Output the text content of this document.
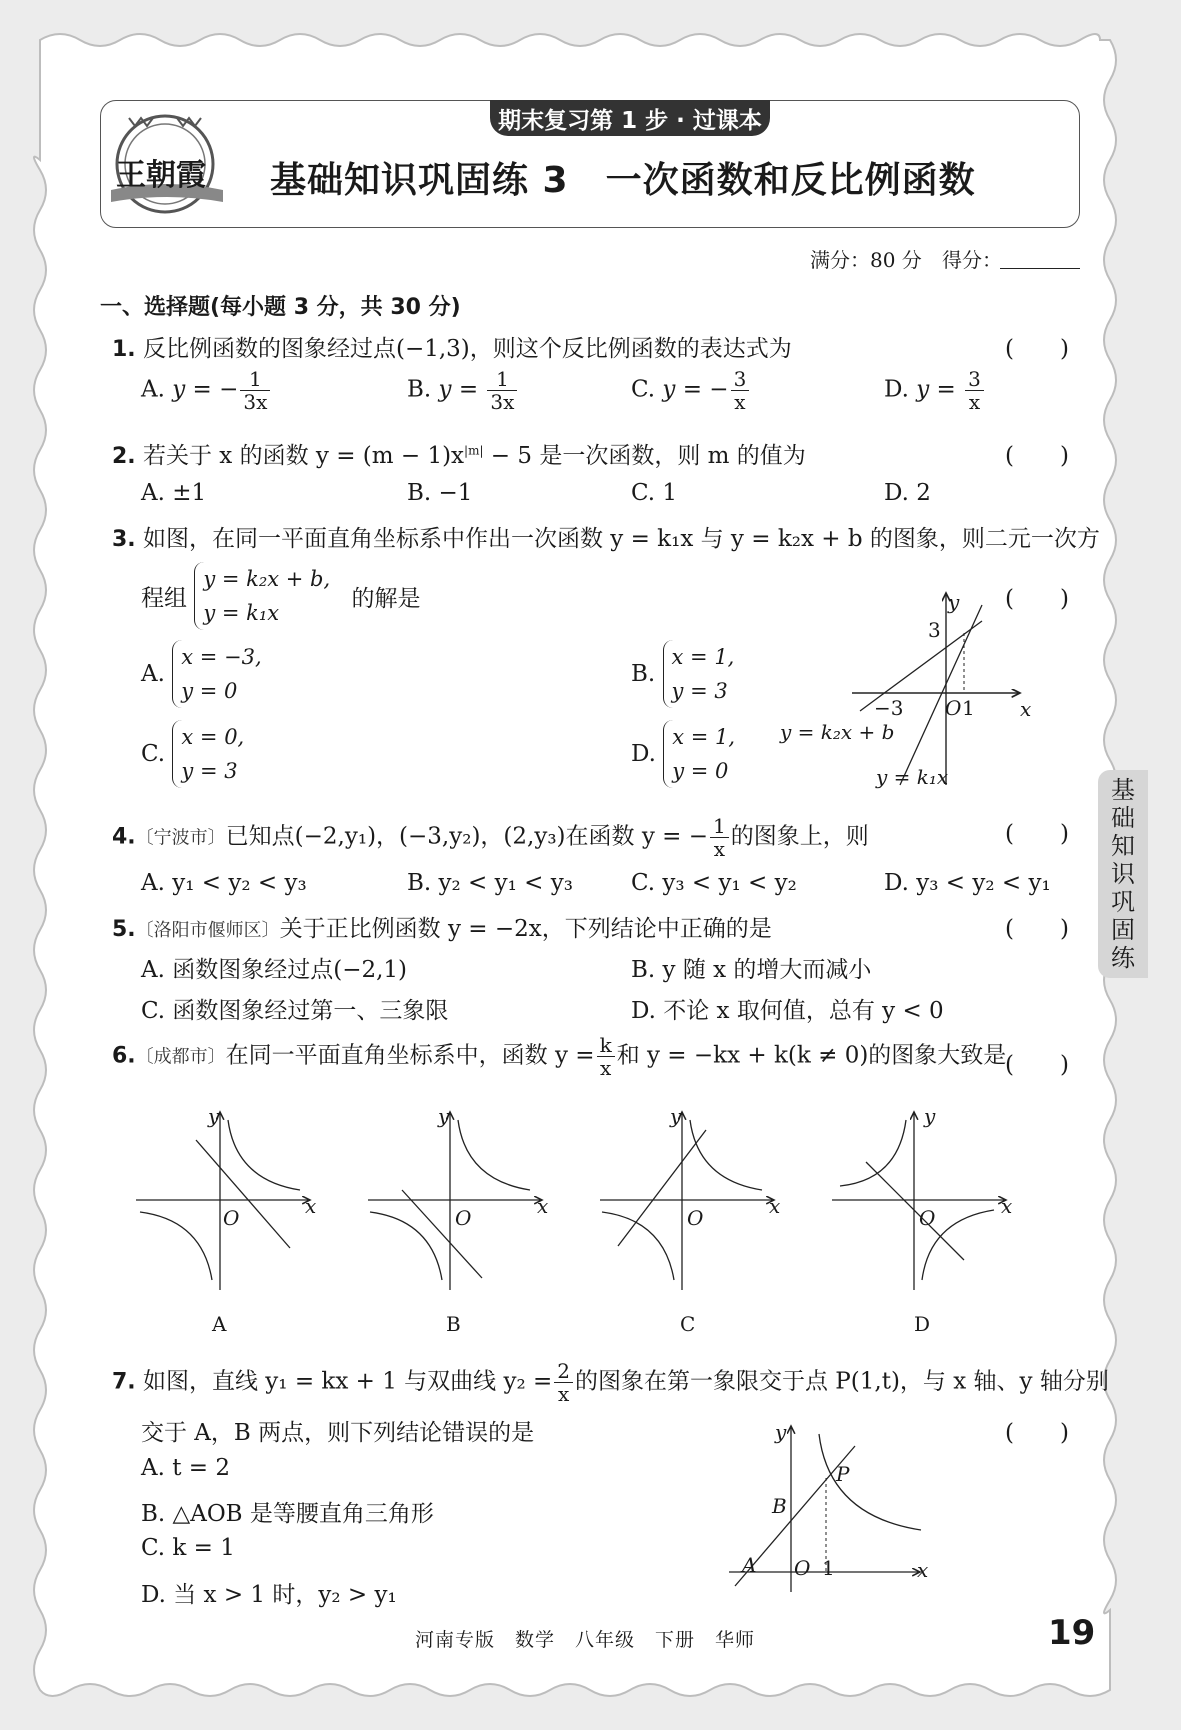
王朝霞
期末复习第 1 步 · 过课本
基础知识巩固练 3　一次函数和反比例函数
满分：80 分 得分：
一、选择题(每小题 3 分，共 30 分)
1. 反比例函数的图象经过点(−1,3)，则这个反比例函数的表达式为	(　　)
A. y = − $\frac{1}{3x}$	B. $y = \frac{1}{3x}$	C. y = − $\frac{3}{x}$	D. $y = \frac{3}{x}$
2. 若关于 x 的函数 $y = (m - 1)x^{|m|} - 5$ 是一次函数，则 m 的值为	(　　)
A. ±1	B. −1	C. 1	D. 2
3. 如图，在同一平面直角坐标系中作出一次函数 y = k₁x 与 y = k₂x + b 的图象，则二元一次方
程组
y = k₂x + b,
y = k₁x
的解是	(　　)
A.
x = −3,
y = 0
B.
x = 1,
y = 3
C.
x = 0,
y = 3
D.
x = 1,
y = 0
y
x
3
−3 O 1
y = k₂x + b
y = k₁x
4.〔宁波市〕已知点(−2,y₁)，(−3,y₂)，(2,y₃)在函数 y = − $\frac{1}{x}$ 的图象上，则	(　　)
A. y₁ < y₂ < y₃	B. y₂ < y₁ < y₃	C. y₃ < y₁ < y₂	D. y₃ < y₂ < y₁
5.〔洛阳市偃师区〕关于正比例函数 y = −2x，下列结论中正确的是	(　　)
A. 函数图象经过点(−2,1)	B. y 随 x 的增大而减小
C. 函数图象经过第一、三象限	D. 不论 x 取何值，总有 y < 0
6.〔成都市〕在同一平面直角坐标系中，函数 $y = \frac{k}{x}$ 和 y = −kx + k(k ≠ 0)的图象大致是
(　　)
y
x
O
A
y
x
O
B
y
x
O
C
y
x
O
D
7. 如图，直线 y₁ = kx + 1 与双曲线 $y_2 = \frac{2}{x}$ 的图象在第一象限交于点 P(1,t)，与 x 轴、y 轴分别
交于 A，B 两点，则下列结论错误的是	(　　)
A. t = 2
B. △AOB 是等腰直角三角形
C. k = 1
D. 当 x > 1 时，y₂ > y₁
y
x
O 1
P
B
A
基
础
知
识
巩
固
练
河南专版　数学　八年级　下册　华师	19
